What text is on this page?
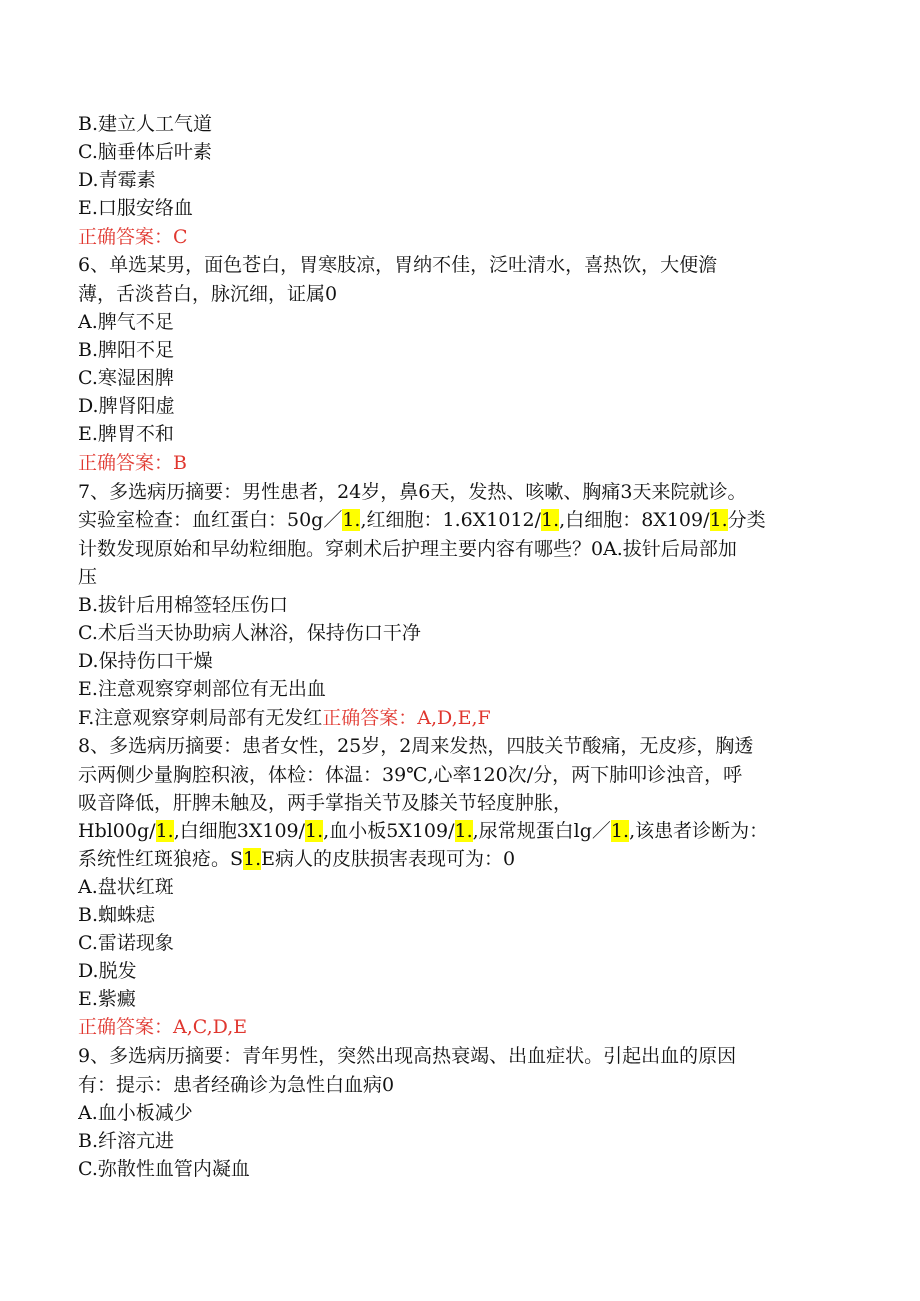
B.建立人工气道
C.脑垂体后叶素
D.青霉素
E.口服安络血
正确答案：C
6、单选某男，面色苍白，胃寒肢凉，胃纳不佳，泛吐清水，喜热饮，大便澹
薄，舌淡苔白，脉沉细，证属0
A.脾气不足
B.脾阳不足
C.寒湿困脾
D.脾肾阳虚
E.脾胃不和
正确答案：B
7、多选病历摘要：男性患者，24岁，鼻6天，发热、咳嗽、胸痛3天来院就诊。
实验室检查：血红蛋白：50g／1.,红细胞：1.6X1012/1.,白细胞：8X109/1.分类
计数发现原始和早幼粒细胞。穿刺术后护理主要内容有哪些？0A.拔针后局部加
压
B.拔针后用棉签轻压伤口
C.术后当天协助病人淋浴，保持伤口干净
D.保持伤口干燥
E.注意观察穿刺部位有无出血
F.注意观察穿刺局部有无发红正确答案：A,D,E,F
8、多选病历摘要：患者女性，25岁，2周来发热，四肢关节酸痛，无皮疹，胸透
示两侧少量胸腔积液，体检：体温：39℃,心率120次/分，两下肺叩诊浊音，呼
吸音降低，肝脾未触及，两手掌指关节及膝关节轻度肿胀，
Hbl00g/1.,白细胞3X109/1.,血小板5X109/1.,尿常规蛋白lg／1.,该患者诊断为：
系统性红斑狼疮。S1.E病人的皮肤损害表现可为：0
A.盘状红斑
B.蜘蛛痣
C.雷诺现象
D.脱发
E.紫癜
正确答案：A,C,D,E
9、多选病历摘要：青年男性，突然出现高热衰竭、出血症状。引起出血的原因
有：提示：患者经确诊为急性白血病0
A.血小板减少
B.纤溶亢进
C.弥散性血管内凝血
